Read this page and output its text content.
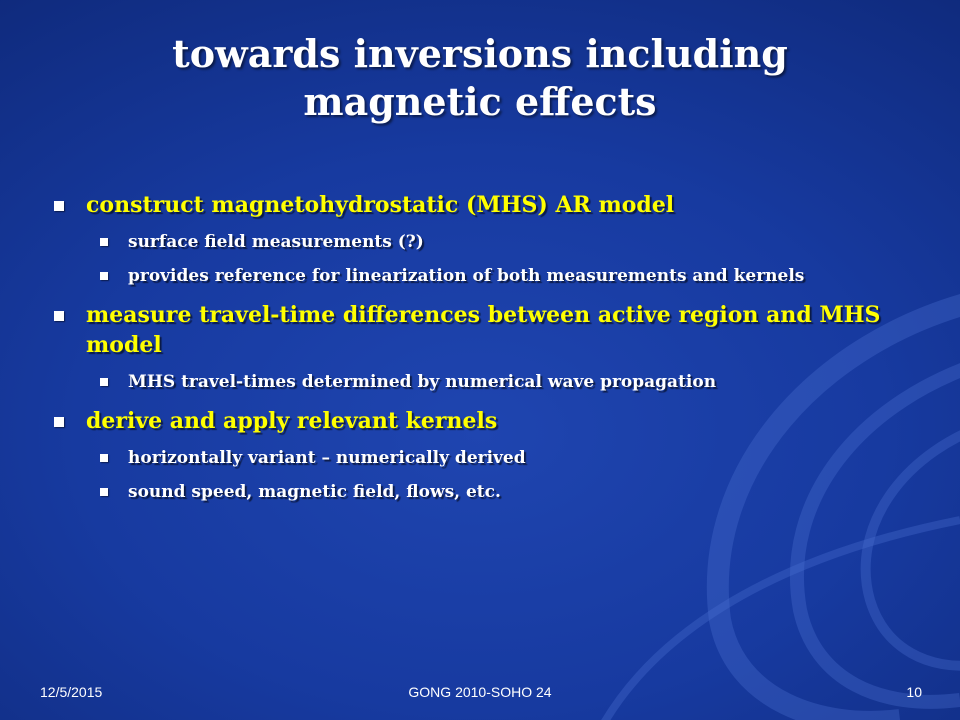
towards inversions including
magnetic effects
construct magnetohydrostatic (MHS) AR model
surface field measurements (?)
provides reference for linearization of both measurements and kernels
measure travel-time differences between active region and MHS model
MHS travel-times determined by numerical wave propagation
derive and apply relevant kernels
horizontally variant – numerically derived
sound speed, magnetic field, flows, etc.
12/5/2015	GONG 2010-SOHO 24	10
